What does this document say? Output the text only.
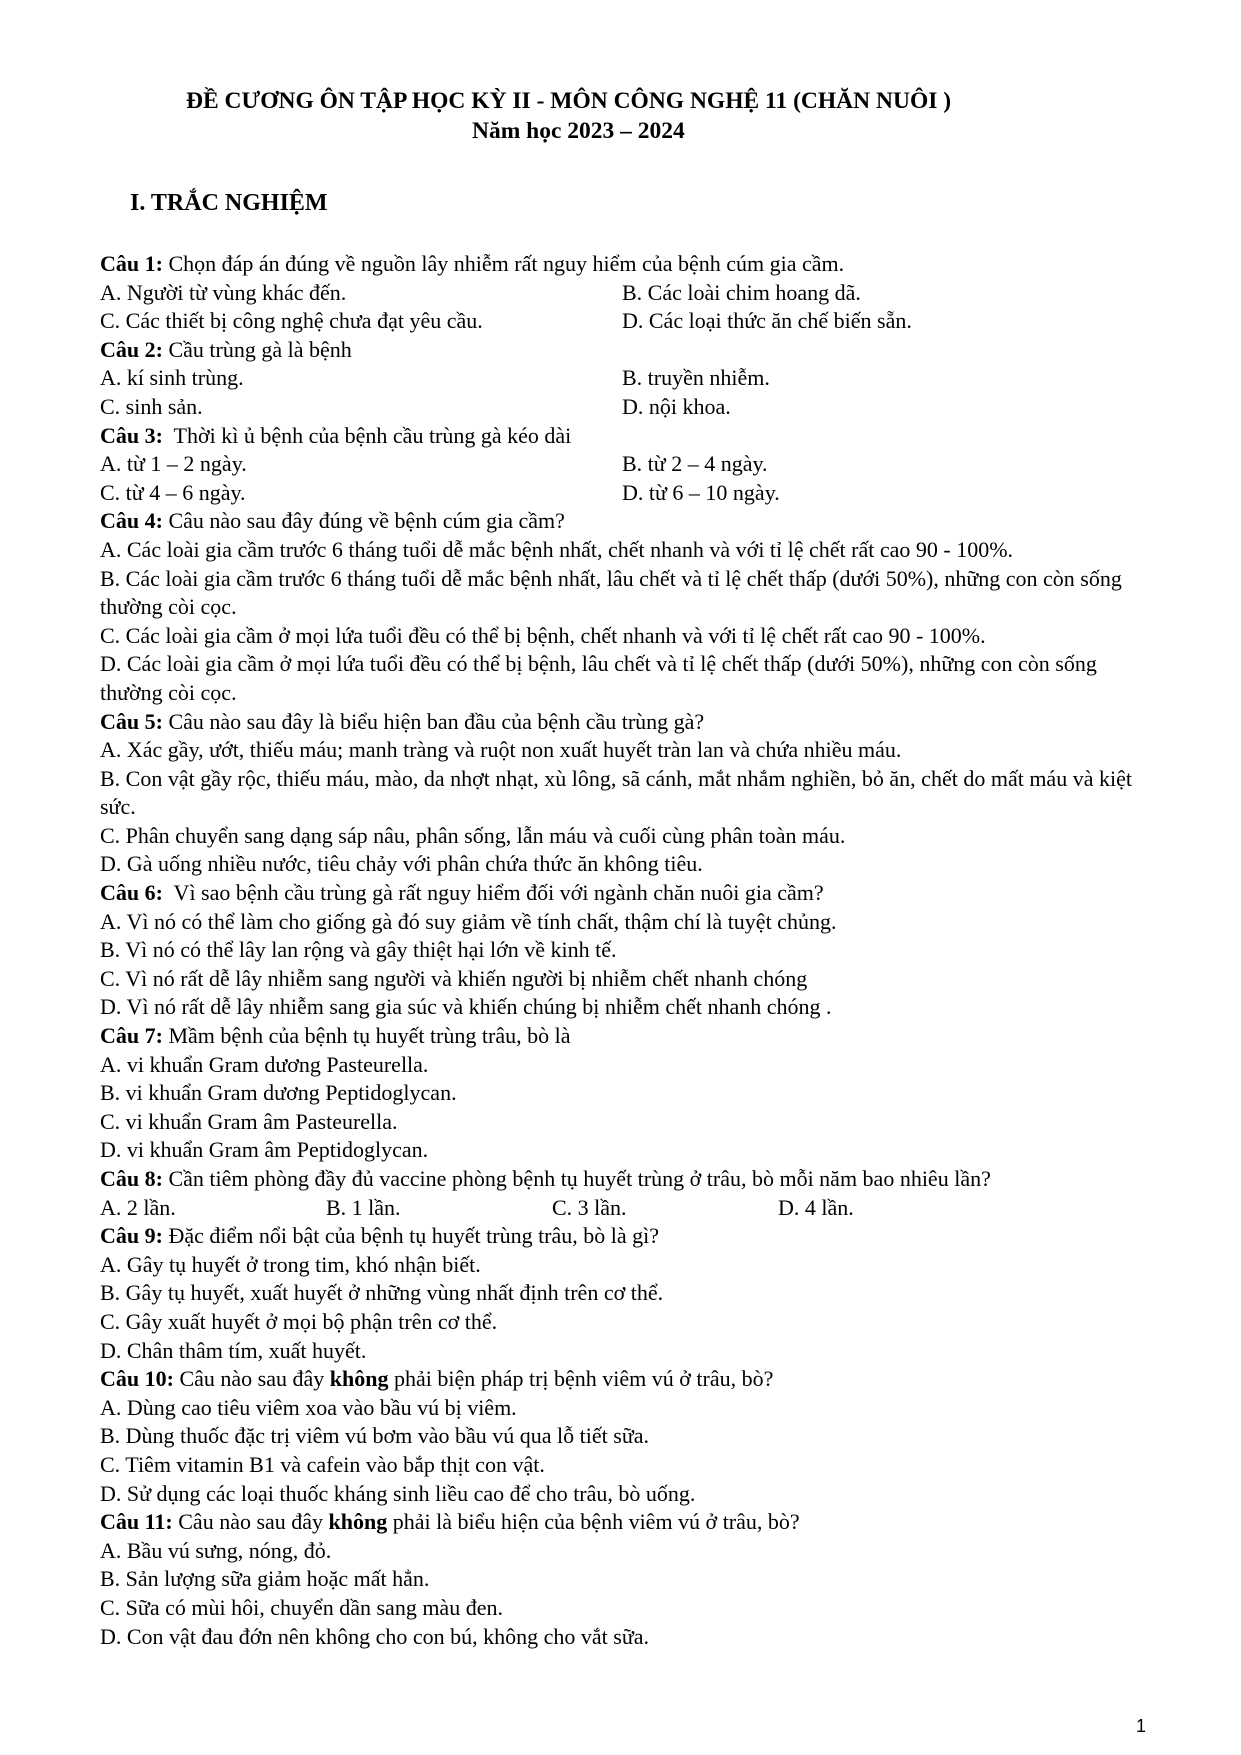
ĐỀ CƯƠNG ÔN TẬP HỌC KỲ II - MÔN CÔNG NGHỆ 11 (CHĂN NUÔI )
Năm học 2023 – 2024
I. TRẮC NGHIỆM
Câu 1: Chọn đáp án đúng về nguồn lây nhiễm rất nguy hiểm của bệnh cúm gia cầm.
A. Người từ vùng khác đến.	B. Các loài chim hoang dã.
C. Các thiết bị công nghệ chưa đạt yêu cầu.	D. Các loại thức ăn chế biến sẵn.
Câu 2: Cầu trùng gà là bệnh
A. kí sinh trùng.	B. truyền nhiễm.
C. sinh sản.	D. nội khoa.
Câu 3: Thời kì ủ bệnh của bệnh cầu trùng gà kéo dài
A. từ 1 – 2 ngày.	B. từ 2 – 4 ngày.
C. từ 4 – 6 ngày.	D. từ 6 – 10 ngày.
Câu 4: Câu nào sau đây đúng về bệnh cúm gia cầm?
A. Các loài gia cầm trước 6 tháng tuổi dễ mắc bệnh nhất, chết nhanh và với tỉ lệ chết rất cao 90 - 100%.
B. Các loài gia cầm trước 6 tháng tuổi dễ mắc bệnh nhất, lâu chết và tỉ lệ chết thấp (dưới 50%), những con còn sống thường còi cọc.
C. Các loài gia cầm ở mọi lứa tuổi đều có thể bị bệnh, chết nhanh và với tỉ lệ chết rất cao 90 - 100%.
D. Các loài gia cầm ở mọi lứa tuổi đều có thể bị bệnh, lâu chết và tỉ lệ chết thấp (dưới 50%), những con còn sống thường còi cọc.
Câu 5: Câu nào sau đây là biểu hiện ban đầu của bệnh cầu trùng gà?
A. Xác gầy, ướt, thiếu máu; manh tràng và ruột non xuất huyết tràn lan và chứa nhiều máu.
B. Con vật gầy rộc, thiếu máu, mào, da nhợt nhạt, xù lông, sã cánh, mắt nhắm nghiền, bỏ ăn, chết do mất máu và kiệt sức.
C. Phân chuyển sang dạng sáp nâu, phân sống, lẫn máu và cuối cùng phân toàn máu.
D. Gà uống nhiều nước, tiêu chảy với phân chứa thức ăn không tiêu.
Câu 6: Vì sao bệnh cầu trùng gà rất nguy hiểm đối với ngành chăn nuôi gia cầm?
A. Vì nó có thể làm cho giống gà đó suy giảm về tính chất, thậm chí là tuyệt chủng.
B. Vì nó có thể lây lan rộng và gây thiệt hại lớn về kinh tế.
C. Vì nó rất dễ lây nhiễm sang người và khiến người bị nhiễm chết nhanh chóng
D. Vì nó rất dễ lây nhiễm sang gia súc và khiến chúng bị nhiễm chết nhanh chóng .
Câu 7: Mầm bệnh của bệnh tụ huyết trùng trâu, bò là
A. vi khuẩn Gram dương Pasteurella.
B. vi khuẩn Gram dương Peptidoglycan.
C. vi khuẩn Gram âm Pasteurella.
D. vi khuẩn Gram âm Peptidoglycan.
Câu 8: Cần tiêm phòng đầy đủ vaccine phòng bệnh tụ huyết trùng ở trâu, bò mỗi năm bao nhiêu lần?
A. 2 lần.	B. 1 lần.	C. 3 lần.	D. 4 lần.
Câu 9: Đặc điểm nổi bật của bệnh tụ huyết trùng trâu, bò là gì?
A. Gây tụ huyết ở trong tim, khó nhận biết.
B. Gây tụ huyết, xuất huyết ở những vùng nhất định trên cơ thể.
C. Gây xuất huyết ở mọi bộ phận trên cơ thể.
D. Chân thâm tím, xuất huyết.
Câu 10: Câu nào sau đây không phải biện pháp trị bệnh viêm vú ở trâu, bò?
A. Dùng cao tiêu viêm xoa vào bầu vú bị viêm.
B. Dùng thuốc đặc trị viêm vú bơm vào bầu vú qua lỗ tiết sữa.
C. Tiêm vitamin B1 và cafein vào bắp thịt con vật.
D. Sử dụng các loại thuốc kháng sinh liều cao để cho trâu, bò uống.
Câu 11: Câu nào sau đây không phải là biểu hiện của bệnh viêm vú ở trâu, bò?
A. Bầu vú sưng, nóng, đỏ.
B. Sản lượng sữa giảm hoặc mất hẳn.
C. Sữa có mùi hôi, chuyển dần sang màu đen.
D. Con vật đau đớn nên không cho con bú, không cho vắt sữa.
1
